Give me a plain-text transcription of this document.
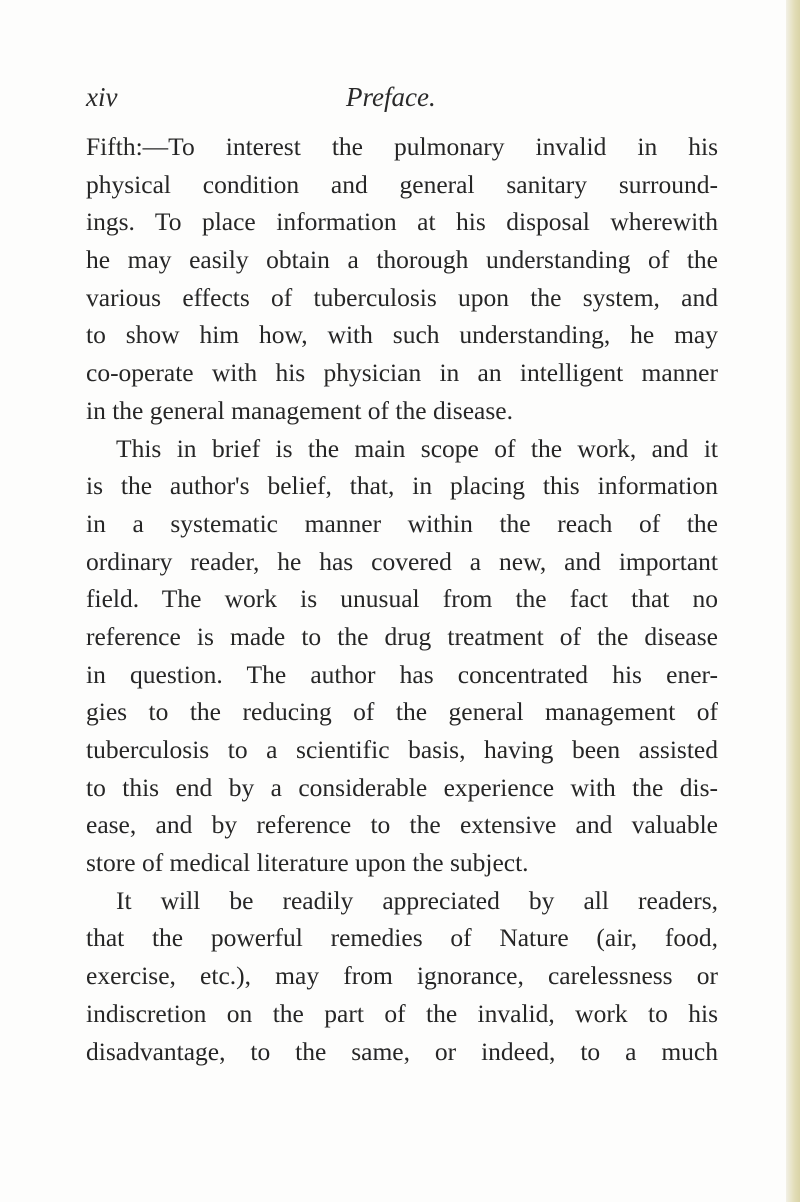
xiv	Preface.
Fifth:—To interest the pulmonary invalid in his
physical condition and general sanitary surround-
ings. To place information at his disposal wherewith
he may easily obtain a thorough understanding of the
various effects of tuberculosis upon the system, and
to show him how, with such understanding, he may
co-operate with his physician in an intelligent manner
in the general management of the disease.
This in brief is the main scope of the work, and it
is the author's belief, that, in placing this information
in a systematic manner within the reach of the
ordinary reader, he has covered a new, and important
field. The work is unusual from the fact that no
reference is made to the drug treatment of the disease
in question. The author has concentrated his ener-
gies to the reducing of the general management of
tuberculosis to a scientific basis, having been assisted
to this end by a considerable experience with the dis-
ease, and by reference to the extensive and valuable
store of medical literature upon the subject.
It will be readily appreciated by all readers,
that the powerful remedies of Nature (air, food,
exercise, etc.), may from ignorance, carelessness or
indiscretion on the part of the invalid, work to his
disadvantage, to the same, or indeed, to a much
